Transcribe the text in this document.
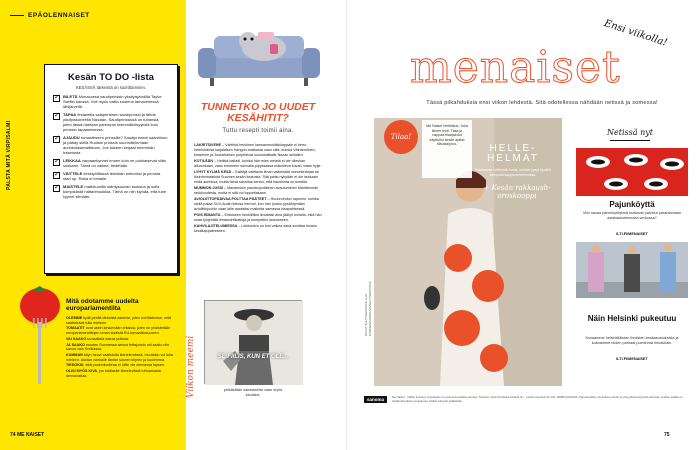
EPÄOLENNAISET
PALSTA MITÄ VIRPISALMI
Kesän TO DO -lista
KESÄSSÄ tärkeintä on suorittaminen.
✓
BILETÄ Monacossa saudiprinssin yksityisjahdilla Taylor Swiftin kanssa. Voit myös valita souteun lamavenessä lähijärvellä.
✓
TAPAA festareilla salaperäinen saudiprinssi ja lähde yksityiskoneella Nizzaan. Saudiprinssissä on tuhansia, joten tässä haetaan parempia todennäköisyyksiä kuin prinssin tapaamisessa.
✓
AJAUDU romanttiseen prinssille? Saudiprinssin saarelloon ja päädy siellä Ruotsin prinssin suunnittelemaan aurinkolasimallistoon. Jos toiseen kerjaat enemmän hasetusta.
✓
LEIKKAA varpaankynnet ennen kuin ne puhkaisevat viiän sukkaan. Tämä on vaikea, tiedetään.
✓
VÄITTELE keskiyöllisissä teknikan tohtoriksi ja perusta start up. Raha ei lomaile.
✓
MAISTELE mattotuolilla mäntysuovan tuoksua ja solla kömpikästä hattarimuokkia. Tämä on niin kiyhää, että tuee kyynel silmään.
TUNNETKO JO UUDET KESÄHITIT?
Tuttu resepti toimii aina.

LAKRITSIVENE – Värttinä-henkinen kansanmusiikkikappale ei kerro heteluhänsä karjalaisen Hangon-matkasta vaan siitä, kuinka Väinämöinen, timarinen ja Joukahainen purjehtivat soulumatkalle Naxan seilailen.

KOTILÄÄN – Heikkä balladi, kuinka hän mies meistä ei ole olleskan alkuunkaan, vaan emmeem sohvalla pipyssassa makoileva kuvan maan hylje.

LYHYT KYLMÄ KESÄ – Esittäjä valittavia ilman vaikeistää miesekertojaa tai disinformaatiota Suomen kesän kestosta. Sitä paitsi nykyään ei ole lainkaan enää aurinkoa, mutta tämä sanoitus kertoo, että hauskinta on lomalla.

MUMMON JUSSI – Mansenisin pasutuoyväkinen avautuminen Mantämmän ravkkuudesta, mutta ei sitä voi loppettakaan.

AVIOLIITTOPÄÄIVAA POLTTAA PÄÄTEET – Huunnohdun rapumin, kuinka siellä palaa SUV-Audin tielusa hermot, kun hän joutuu pysähtymään avioliittojuuriin vaan lalle aantaiksi maikotta samassa kisapainkessä.

POIS EIMANTA – Entuiseen henkilöiksi ilmoitaisi aina jäähyt lomalla, eikä hän osaa tyhjentää ilmastointikattoja ja kumpetkin laueukseen.

KAHVILAJITELUMIESSA – Lekitosilon on tosi vaikea sana sovittaa kivaan kesäkappaleeseen.

Mitä odotamme uudelta europarlamentilta

OLEMME kyllä perillä tärkeistä asioista, joten mielitäämme, mitä saattaisivat tulla mieleen.

TOMAATIT ovat usein keskenään erilaisia, joten ne yhdistetään europarlamenttilojen oman sisäistä EU-tomaattiosuuteen.

VAI SAAKO tomaatista sanoa pulkula.

JA SAAKO muuten Suomessa sanoa fettajuusto vai saako niin sanoa vain Kreikassa.

KUMMAN käyn heuvi vaalistulla kiertelemässä, muutakin voi tulla mieleen. Aloitan vanhalle tämän suuren kirjeen ja kuulemma.

TIEDOKSI, että puolunkorkeaa ei olltin ole olemassa lapsen.

OLISI MYÖS KIVA, jos edälasite tärvelevästä tuhoamasta demokratiaa.	Viikon meemi	SE FIILIS, KUN ET OLE...
pelkästään sairastaetta vaan myös kaulaksi.
74 ME NAISET
menaiset
Ensi viikolla!
Tässä pilkahduksia ensi viikon lehdestä. Sitä odotellessa nähdään netissä ja somessa!
Tilaa!
Me Naiset lehtitilaus. Joka ikinen lehti. Tilaa ja nappaa tilaajaedut käyttöösi kesän ajaksi tilaustarjous.	HELLE-HELMAT
Paahtavaa helteestä huvia, kuinka pysyt kyniillä kevyissä kaupunkihelmoissa.
+ Kesän rakkaushoroskooppi
KUVAT SHUTTERSTOCK, EVA GARDEN/AJANKUVA/SHUTTERSTOCK
Netissä nyt
Pajunköyttä
Viisi navaa palveluyrityksiä tuottavat palvelut parantamaan asiakaskokemusta verkossa?
ILTI.FI/MENAISET
Näin Helsinki pukeutuu
Kuvaamme helsinkiläisten ihmisten kesäasustuksista ja kokoamme niiden parhaat poiminnat rinnakkain.
ILTI.FI/MENAISET
sanoma	Me Naiset · Vähän ilmestyy. Kirjoittajat on puolimiesmusiiikiin kanssa. Toimitus: Sanoma Media Finland Oy · Lehden toimitus PL 100, 00089 SANOMA. Painosmäärä: toimituksen tiedot ja yhteystiedot löytyvät verkosta. Lehden sisältö on tekijänoikeuksien suojaamaa. Kaikki oikeudet pidätetään.
75
